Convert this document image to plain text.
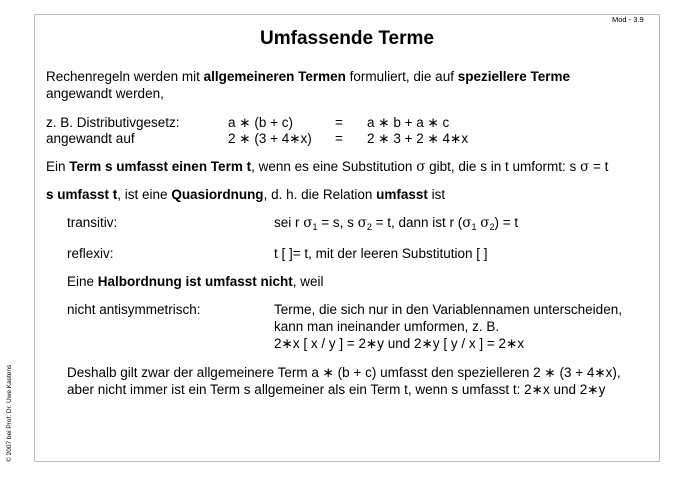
Mod - 3.9
Umfassende Terme
Rechenregeln werden mit allgemeineren Termen formuliert, die auf speziellere Terme
angewandt werden,
z. B. Distributivgesetz:	a ∗ (b + c)	= a ∗ b + a ∗ c
angewandt auf	2 ∗ (3 + 4∗x) = 2 ∗ 3 + 2 ∗ 4∗x
Ein Term s umfasst einen Term t, wenn es eine Substitution σ gibt, die s in t umformt: s σ = t
s umfasst t, ist eine Quasiordnung, d. h. die Relation umfasst ist
transitiv:	sei r $\sigma_1 = s$, s $\sigma_2 = t$, dann ist r ($\sigma_1$ $\sigma_2) = t$
reflexiv:	t [ ]= t, mit der leeren Substitution [ ]
Eine Halbordnung ist umfasst nicht, weil
nicht antisymmetrisch:	Terme, die sich nur in den Variablennamen unterscheiden,
kann man ineinander umformen, z. B.
2∗x [ x / y ] = 2∗y und 2∗y [ y / x ] = 2∗x
Deshalb gilt zwar der allgemeinere Term a ∗ (b + c) umfasst den spezielleren 2 ∗ (3 + 4∗x),
aber nicht immer ist ein Term s allgemeiner als ein Term t, wenn s umfasst t: 2∗x und 2∗y
© 2007 bei Prof. Dr. Uwe Kastens
